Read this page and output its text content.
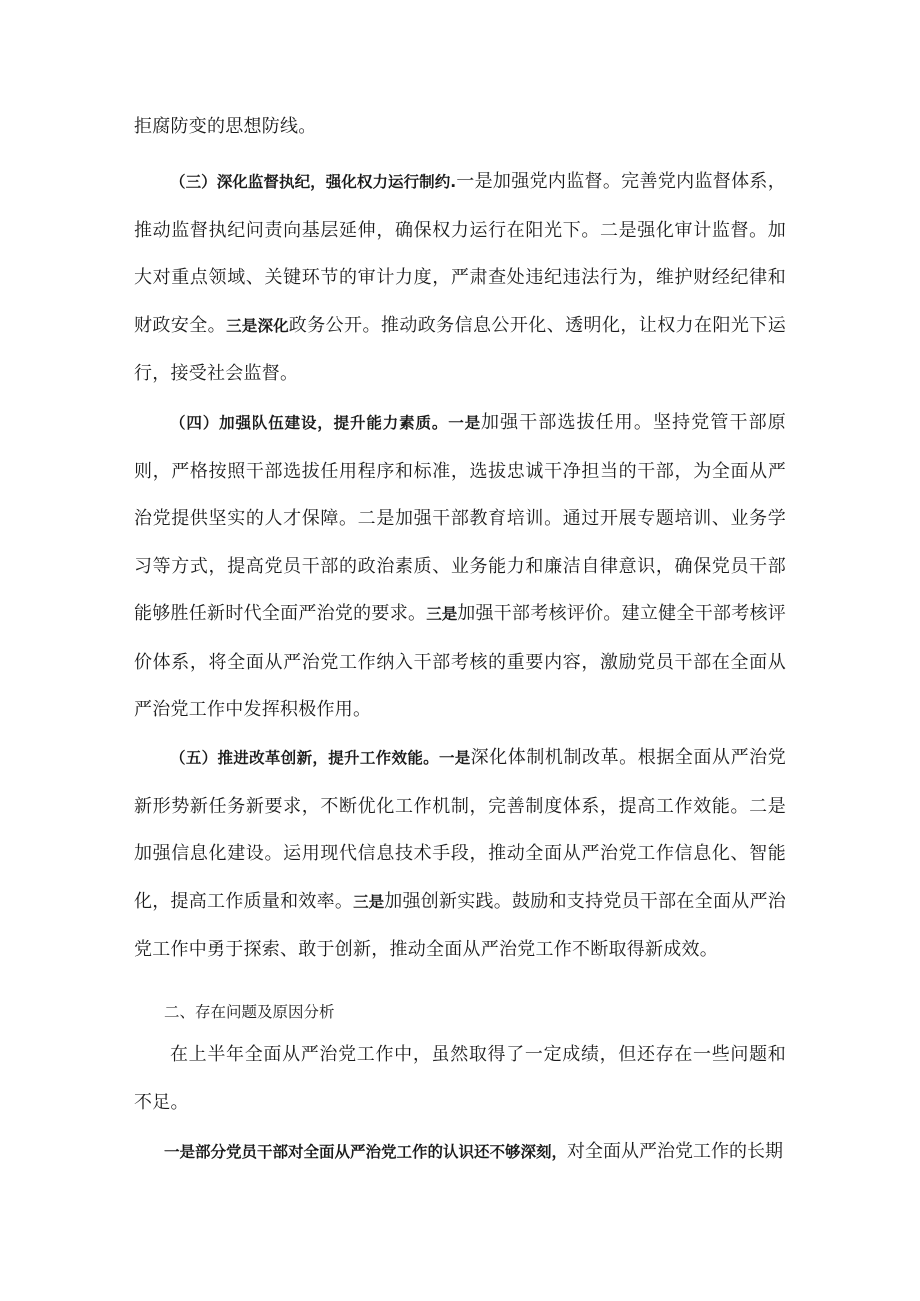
拒腐防变的思想防线。

（三）深化监督执纪，强化权力运行制约.一是加强党内监督。完善党内监督体系，推动监督执纪问责向基层延伸，确保权力运行在阳光下。二是强化审计监督。加大对重点领域、关键环节的审计力度，严肃查处违纪违法行为，维护财经纪律和财政安全。三是深化政务公开。推动政务信息公开化、透明化，让权力在阳光下运行，接受社会监督。

（四）加强队伍建设，提升能力素质。一是加强干部选拔任用。坚持党管干部原则，严格按照干部选拔任用程序和标准，选拔忠诚干净担当的干部，为全面从严治党提供坚实的人才保障。二是加强干部教育培训。通过开展专题培训、业务学习等方式，提高党员干部的政治素质、业务能力和廉洁自律意识，确保党员干部能够胜任新时代全面严治党的要求。三是加强干部考核评价。建立健全干部考核评价体系，将全面从严治党工作纳入干部考核的重要内容，激励党员干部在全面从严治党工作中发挥积极作用。

（五）推进改革创新，提升工作效能。一是深化体制机制改革。根据全面从严治党新形势新任务新要求，不断优化工作机制，完善制度体系，提高工作效能。二是加强信息化建设。运用现代信息技术手段，推动全面从严治党工作信息化、智能化，提高工作质量和效率。三是加强创新实践。鼓励和支持党员干部在全面从严治党工作中勇于探索、敢于创新，推动全面从严治党工作不断取得新成效。

二、存在问题及原因分析

在上半年全面从严治党工作中，虽然取得了一定成绩，但还存在一些问题和不足。

一是部分党员干部对全面从严治党工作的认识还不够深刻，对全面从严治党工作的长期
